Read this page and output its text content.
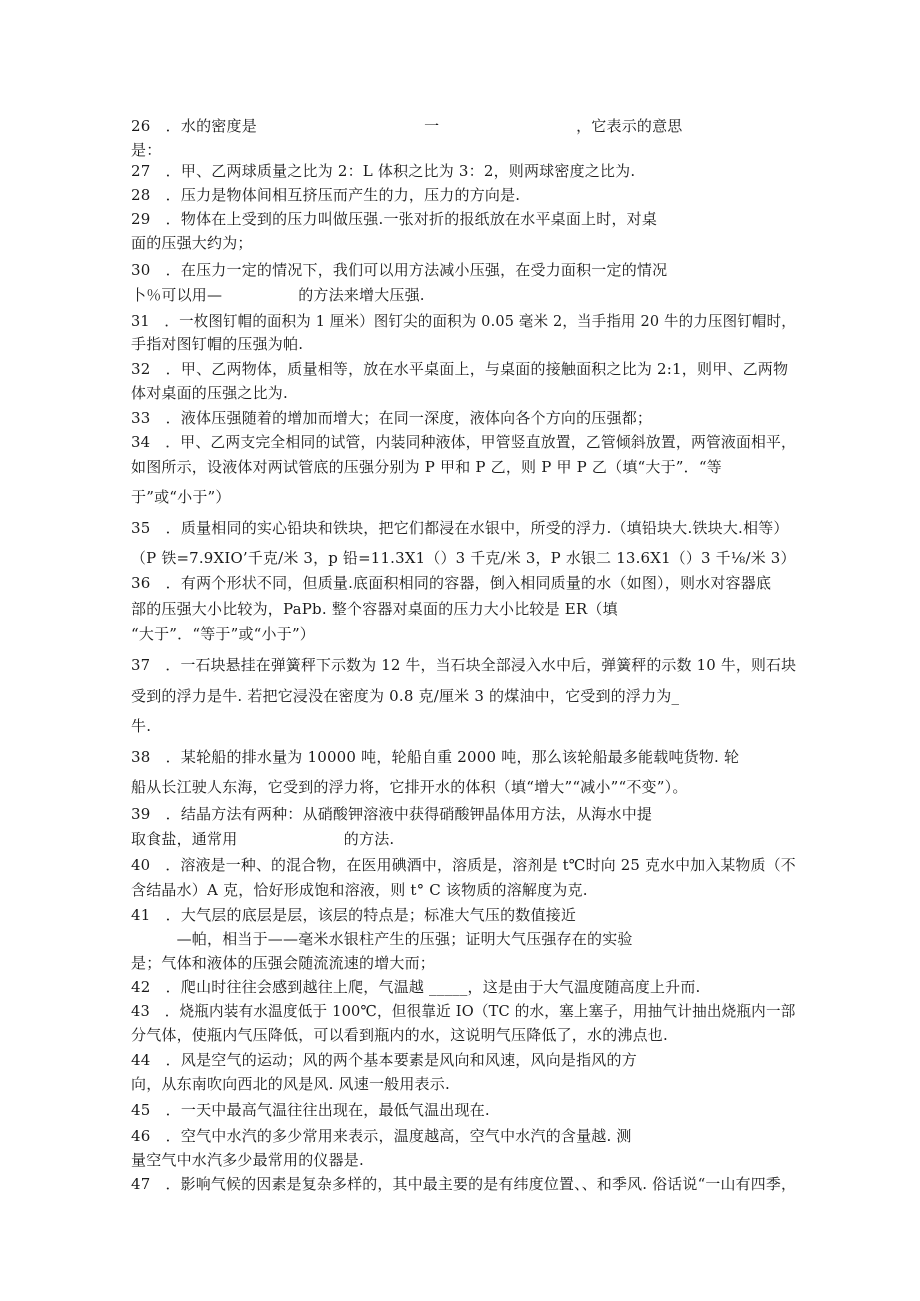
26　．水的密度是　　　　　　　　　　　一　　　　　　　　　，它表示的意思
是：
27　．甲、乙两球质量之比为 2：L 体积之比为 3：2，则两球密度之比为.
28　．压力是物体间相互挤压而产生的力，压力的方向是.
29　．物体在上受到的压力叫做压强.一张对折的报纸放在水平桌面上时，对桌
面的压强大约为；
30　．在压力一定的情况下，我们可以用方法减小压强，在受力面积一定的情况
卜％可以用—　　　　　的方法来增大压强.
31　．一枚图钉帽的面积为 1 厘米）图钉尖的面积为 0.05 毫米 2，当手指用 20 牛的力压图钉帽时，
手指对图钉帽的压强为帕.
32　．甲、乙两物体，质量相等，放在水平桌面上，与桌面的接触面积之比为 2:1，则甲、乙两物
体对桌面的压强之比为.
33　．液体压强随着的增加而增大；在同一深度，液体向各个方向的压强都；
34　．甲、乙两支完全相同的试管，内装同种液体，甲管竖直放置，乙管倾斜放置，两管液面相平，
如图所示，设液体对两试管底的压强分别为 P 甲和 P 乙，则 P 甲 P 乙（填“大于”．“等
于”或“小于”）
35　．质量相同的实心铅块和铁块，把它们都浸在水银中，所受的浮力.（填铅块大.铁块大.相等）
（P 铁=7.9XIO’千克/米 3，p 铅=11.3X1（）3 千克/米 3，P 水银二 13.6X1（）3 千⅛/米 3）
36　．有两个形状不同，但质量.底面积相同的容器，倒入相同质量的水（如图），则水对容器底
部的压强大小比较为，PaPb. 整个容器对桌面的压力大小比较是 ER（填
“大于”．“等于”或“小于”）
37　．一石块悬挂在弹簧秤下示数为 12 牛，当石块全部浸入水中后，弹簧秤的示数 10 牛，则石块
受到的浮力是牛. 若把它浸没在密度为 0.8 克/厘米 3 的煤油中，它受到的浮力为_
牛.
38　．某轮船的排水量为 10000 吨，轮船自重 2000 吨，那么该轮船最多能载吨货物. 轮
船从长江驶人东海，它受到的浮力将，它排开水的体积（填“增大”“减小”“不变”）。
39　．结晶方法有两种：从硝酸钾溶液中获得硝酸钾晶体用方法，从海水中提
取食盐，通常用　　　　　　　的方法.
40　．溶液是一种、的混合物，在医用碘酒中，溶质是，溶剂是 t℃时向 25 克水中加入某物质（不
含结晶水）A 克，恰好形成饱和溶液，则 t° C 该物质的溶解度为克.
41　．大气层的底层是层，该层的特点是；标准大气压的数值接近
　　　—帕，相当于——毫米水银柱产生的压强；证明大气压强存在的实验
是；气体和液体的压强会随流流速的增大而；
42　．爬山时往往会感到越往上爬，气温越 _____，这是由于大气温度随高度上升而.
43　．烧瓶内装有水温度低于 100℃，但很靠近 IO（TC 的水，塞上塞子，用抽气计抽出烧瓶内一部
分气体，使瓶内气压降低，可以看到瓶内的水，这说明气压降低了，水的沸点也.
44　．风是空气的运动；风的两个基本要素是风向和风速，风向是指风的方
向，从东南吹向西北的风是风. 风速一般用表示.
45　．一天中最高气温往往出现在，最低气温出现在.
46　．空气中水汽的多少常用来表示，温度越高，空气中水汽的含量越. 测
量空气中水汽多少最常用的仪器是.
47　．影响气候的因素是复杂多样的，其中最主要的是有纬度位置、、和季风. 俗话说“一山有四季，
